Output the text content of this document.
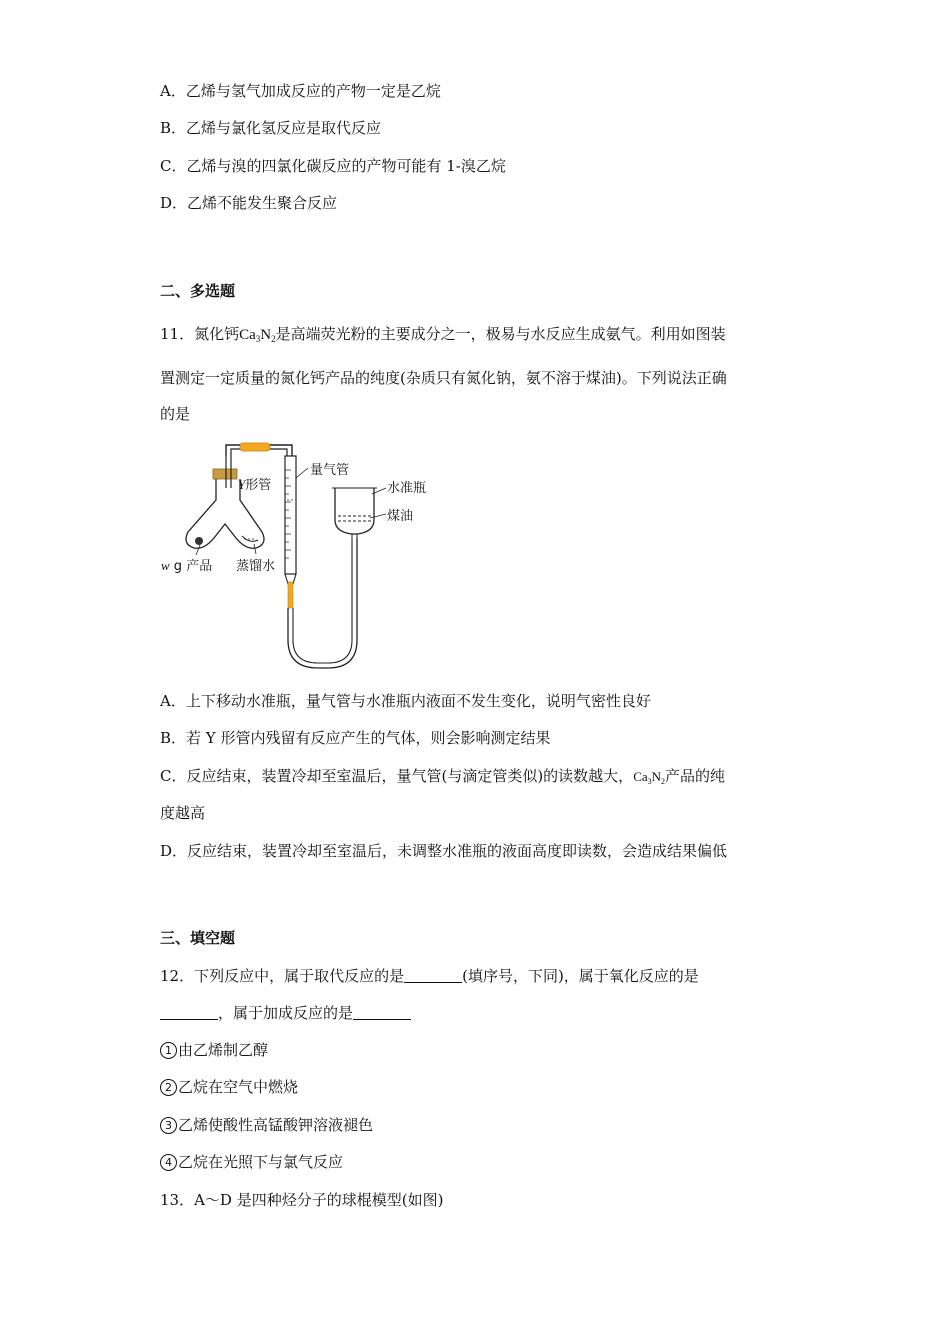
A．乙烯与氢气加成反应的产物一定是乙烷
B．乙烯与氯化氢反应是取代反应
C．乙烯与溴的四氯化碳反应的产物可能有 1-溴乙烷
D．乙烯不能发生聚合反应
二、多选题
11．氮化钙$Ca_3N_2$是高端荧光粉的主要成分之一，极易与水反应生成氨气。利用如图装
置测定一定质量的氮化钙产品的纯度(杂质只有氮化钠，氨不溶于煤油)。下列说法正确
的是
Y形管
量气管
水准瓶
煤油
w g 产品 蒸馏水
A．上下移动水准瓶，量气管与水准瓶内液面不发生变化，说明气密性良好
B．若 Y 形管内残留有反应产生的气体，则会影响测定结果
C．反应结束，装置冷却至室温后，量气管(与滴定管类似)的读数越大，$Ca_3N_2$产品的纯
度越高
D．反应结束，装置冷却至室温后，未调整水准瓶的液面高度即读数，会造成结果偏低
三、填空题
12．下列反应中，属于取代反应的是	(填序号，下同)，属于氧化反应的是
，属于加成反应的是
1 由乙烯制乙醇
2 乙烷在空气中燃烧
3 乙烯使酸性高锰酸钾溶液褪色
4 乙烷在光照下与氯气反应
13．A～D 是四种烃分子的球棍模型(如图)
